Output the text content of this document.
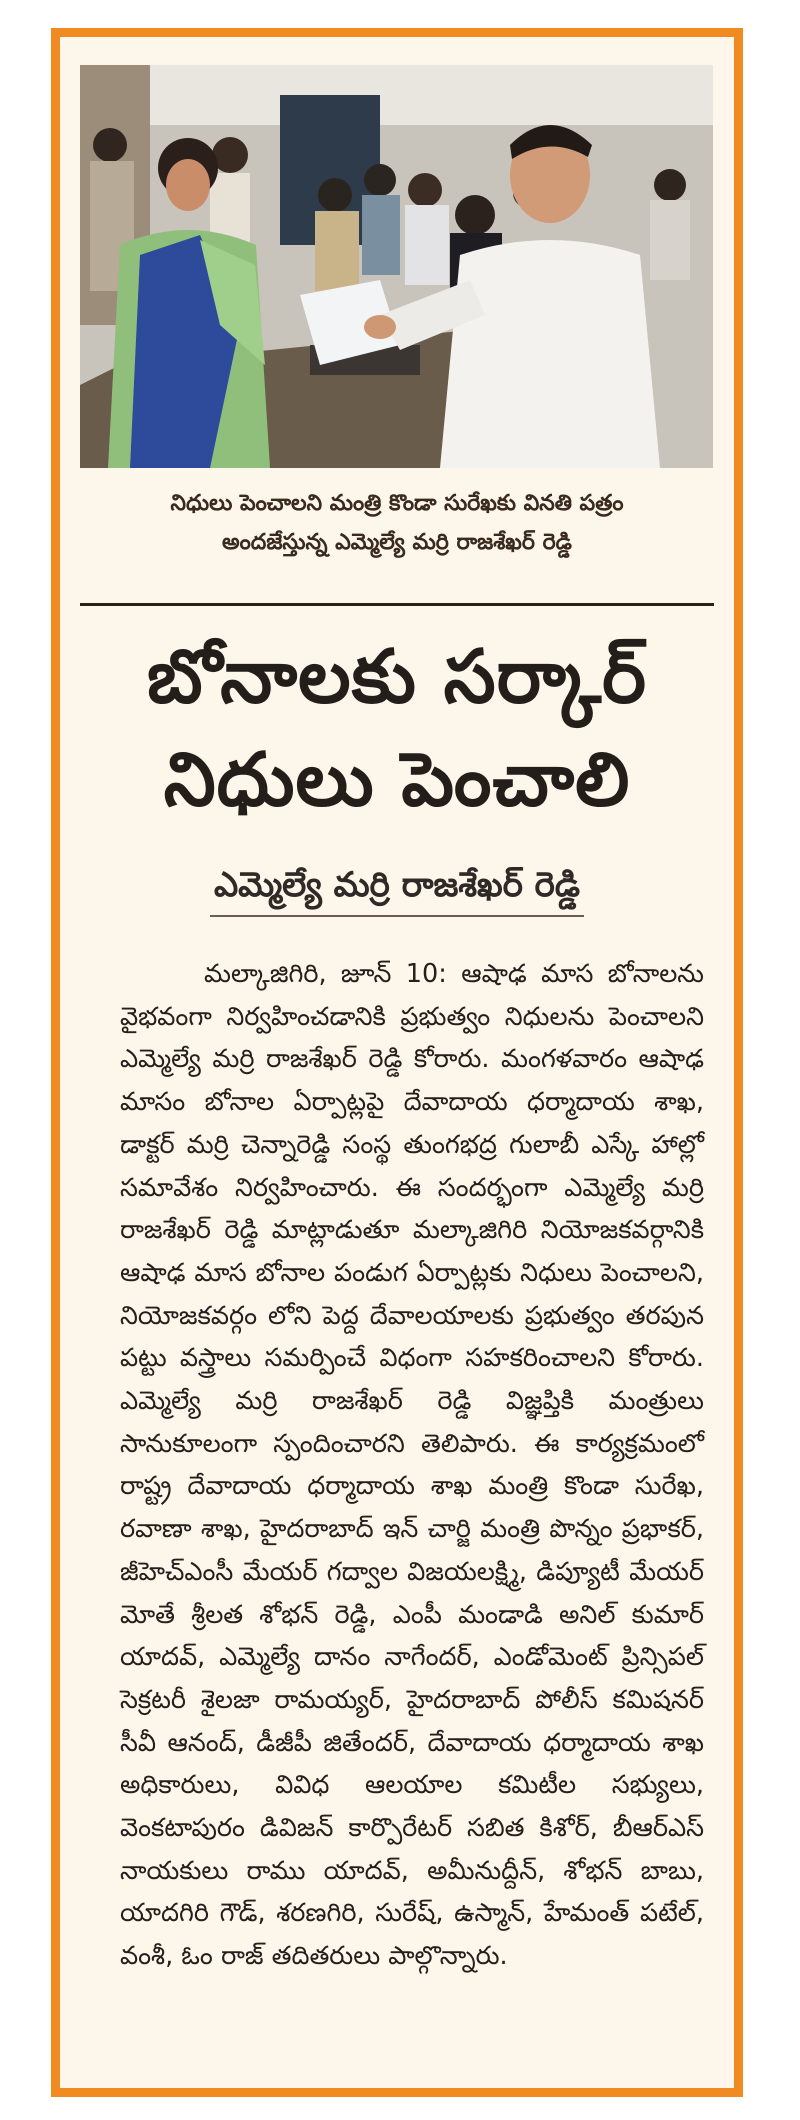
నిధులు పెంచాలని మంత్రి కొండా సురేఖకు వినతి పత్రం
అందజేస్తున్న ఎమ్మెల్యే మర్రి రాజశేఖర్ రెడ్డి
బోనాలకు సర్కార్
నిధులు పెంచాలి
ఎమ్మెల్యే మర్రి రాజశేఖర్ రెడ్డి

మల్కాజిగిరి, జూన్ 10: ఆషాఢ మాస బోనాలను వైభవంగా నిర్వహించడానికి ప్రభుత్వం నిధులను పెంచాలని ఎమ్మెల్యే మర్రి రాజశేఖర్ రెడ్డి కోరారు. మంగళవారం ఆషాఢ మాసం బోనాల ఏర్పాట్లపై దేవాదాయ ధర్మాదాయ శాఖ, డాక్టర్ మర్రి చెన్నారెడ్డి సంస్థ తుంగభద్ర గులాబీ ఎస్కే హాల్లో సమావేశం నిర్వహించారు. ఈ సందర్భంగా ఎమ్మెల్యే మర్రి రాజశేఖర్ రెడ్డి మాట్లాడుతూ మల్కాజిగిరి నియోజకవర్గానికి ఆషాఢ మాస బోనాల పండుగ ఏర్పాట్లకు నిధులు పెంచాలని, నియోజకవర్గం లోని పెద్ద దేవాలయాలకు ప్రభుత్వం తరపున పట్టు వస్త్రాలు సమర్పించే విధంగా సహకరించాలని కోరారు. ఎమ్మెల్యే మర్రి రాజశేఖర్ రెడ్డి విజ్ఞప్తికి మంత్రులు సానుకూలంగా స్పందించారని తెలిపారు. ఈ కార్యక్రమంలో రాష్ట్ర దేవాదాయ ధర్మాదాయ శాఖ మంత్రి కొండా సురేఖ, రవాణా శాఖ, హైదరాబాద్ ఇన్ చార్జి మంత్రి పొన్నం ప్రభాకర్, జీహెచ్ఎంసీ మేయర్ గద్వాల విజయలక్ష్మి, డిప్యూటీ మేయర్ మోతే శ్రీలత శోభన్ రెడ్డి, ఎంపీ మండాడి అనిల్ కుమార్ యాదవ్, ఎమ్మెల్యే దానం నాగేందర్, ఎండోమెంట్ ప్రిన్సిపల్ సెక్రటరీ శైలజా రామయ్యర్, హైదరాబాద్ పోలీస్ కమిషనర్ సీవీ ఆనంద్, డీజీపీ జితేందర్, దేవాదాయ ధర్మాదాయ శాఖ అధికారులు, వివిధ ఆలయాల కమిటీల సభ్యులు, వెంకటాపురం డివిజన్ కార్పొరేటర్ సబిత కిశోర్, బీఆర్ఎస్ నాయకులు రాము యాదవ్, అమీనుద్దీన్, శోభన్ బాబు, యాదగిరి గౌడ్, శరణగిరి, సురేష్, ఉస్మాన్, హేమంత్ పటేల్, వంశీ, ఓం రాజ్ తదితరులు పాల్గొన్నారు.
